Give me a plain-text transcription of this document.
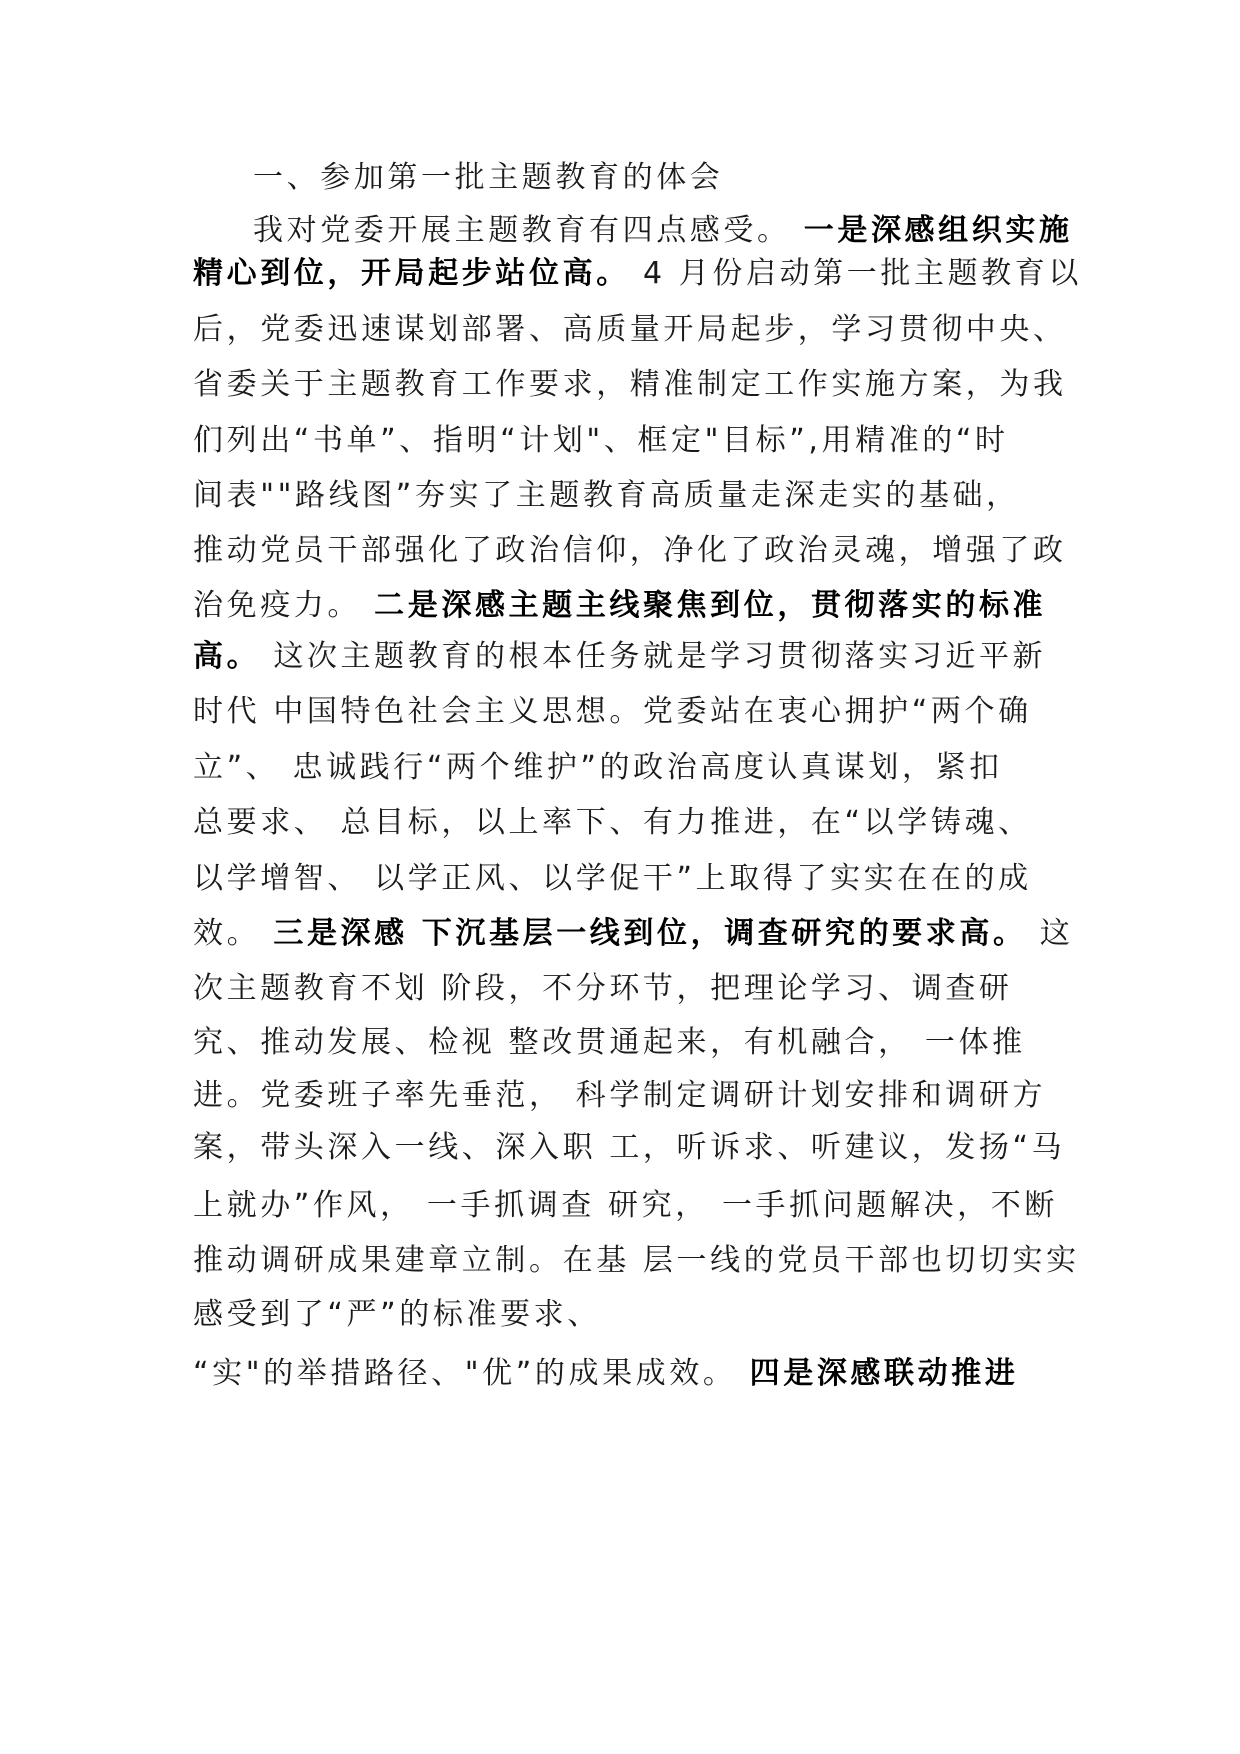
一、参加第一批主题教育的体会
我对党委开展主题教育有四点感受。 一是深感组织实施
精心到位，开局起步站位高。 4 月份启动第一批主题教育以
后，党委迅速谋划部署、高质量开局起步，学习贯彻中央、
省委关于主题教育工作要求，精准制定工作实施方案，为我
们列出“书单”、指明“计划"、框定"目标”,用精准的“时
间表""路线图”夯实了主题教育高质量走深走实的基础，
推动党员干部强化了政治信仰，净化了政治灵魂，增强了政
治免疫力。 二是深感主题主线聚焦到位，贯彻落实的标准
高。 这次主题教育的根本任务就是学习贯彻落实习近平新
时代 中国特色社会主义思想。党委站在衷心拥护“两个确
立”、 忠诚践行“两个维护”的政治高度认真谋划，紧扣
总要求、 总目标，以上率下、有力推进，在“以学铸魂、
以学增智、 以学正风、以学促干”上取得了实实在在的成
效。 三是深感 下沉基层一线到位，调查研究的要求高。 这
次主题教育不划 阶段，不分环节，把理论学习、调查研
究、推动发展、检视 整改贯通起来，有机融合， 一体推
进。党委班子率先垂范， 科学制定调研计划安排和调研方
案，带头深入一线、深入职 工，听诉求、听建议，发扬“马
上就办”作风， 一手抓调查 研究， 一手抓问题解决，不断
推动调研成果建章立制。在基 层一线的党员干部也切切实实
感受到了“严”的标准要求、
“实"的举措路径、"优”的成果成效。 四是深感联动推进
